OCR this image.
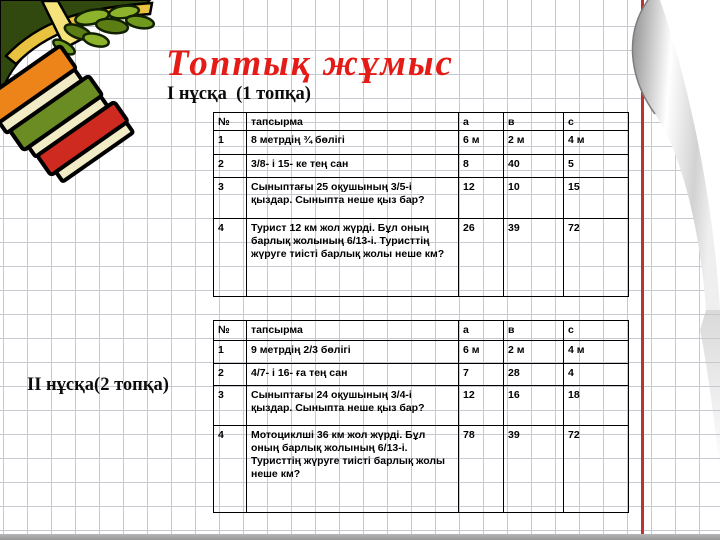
Топтық жұмыс
І нұсқа  (1 топқа)
ІІ нұсқа(2 топқа)
№	тапсырма	а	в	с
1	8 метрдің ¾ бөлігі	6 м	2 м	4 м
2	3/8- і 15- ке тең сан	8	40	5
3	Сыныптағы 25 оқушының 3/5-і қыздар. Сыныпта неше қыз бар?	12	10	15
4	Турист 12 км жол жүрді. Бұл оның барлық жолының 6/13-і. Туристтің жүруге тиісті барлық жолы неше км?	26	39	72
№	тапсырма	а	в	с
1	9 метрдің 2/3 бөлігі	6 м	2 м	4 м
2	4/7- і 16- ға тең сан	7	28	4
3	Сыныптағы 24 оқушының 3/4-і қыздар. Сыныпта неше қыз бар?	12	16	18
4	Мотоциклші 36 км жол жүрді. Бұл оның барлық жолының 6/13-і. Туристтің жүруге тиісті барлық жолы неше км?	78	39	72
